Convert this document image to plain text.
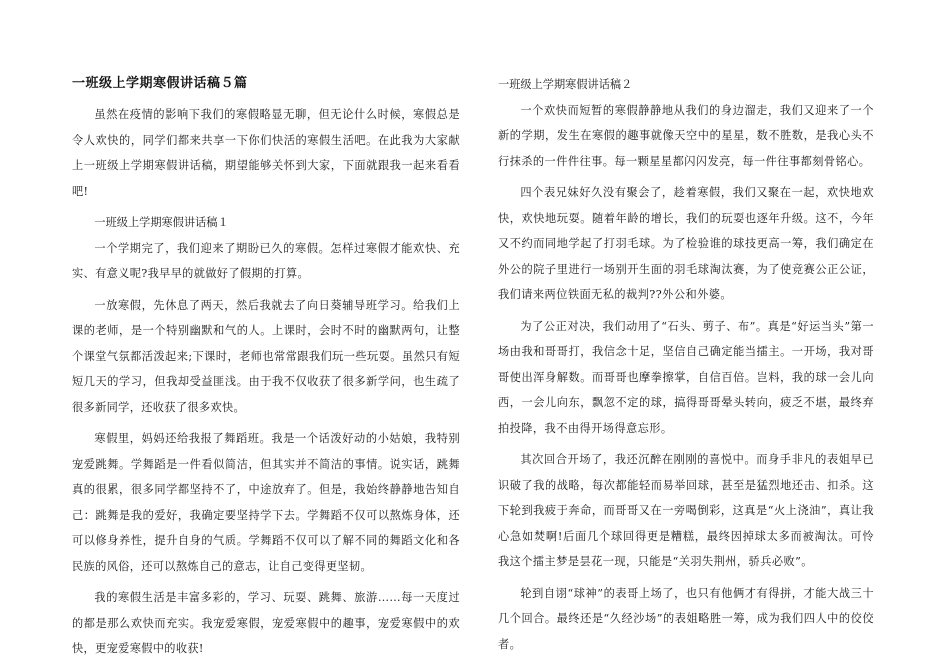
一班级上学期寒假讲话稿５篇

虽然在疫情的影响下我们的寒假略显无聊，但无论什么时候，寒假总是令人欢快的，同学们都来共享一下你们快活的寒假生活吧。在此我为大家献上一班级上学期寒假讲话稿，期望能够关怀到大家，下面就跟我一起来看看吧!

一班级上学期寒假讲话稿１

一个学期完了，我们迎来了期盼已久的寒假。怎样过寒假才能欢快、充实、有意义呢?我早早的就做好了假期的打算。

一放寒假，先休息了两天，然后我就去了向日葵辅导班学习。给我们上课的老师，是一个特别幽默和气的人。上课时，会时不时的幽默两句，让整个课堂气氛都活泼起来;下课时，老师也常常跟我们玩一些玩耍。虽然只有短短几天的学习，但我却受益匪浅。由于我不仅收获了很多新学问，也生疏了很多新同学，还收获了很多欢快。

寒假里，妈妈还给我报了舞蹈班。我是一个话泼好动的小姑娘，我特别宠爱跳舞。学舞蹈是一件看似简洁，但其实并不简洁的事情。说实话，跳舞真的很累，很多同学都坚持不了，中途放弃了。但是，我始终静静地告知自己：跳舞是我的爱好，我确定要坚持学下去。学舞蹈不仅可以熬炼身体，还可以修身养性，提升自身的气质。学舞蹈不仅可以了解不同的舞蹈文化和各民族的风俗，还可以熬炼自己的意志，让自己变得更坚韧。

我的寒假生活是丰富多彩的，学习、玩耍、跳舞、旅游……每一天度过的都是那么欢快而充实。我宠爱寒假，宠爱寒假中的趣事，宠爱寒假中的欢快，更宠爱寒假中的收获!

一班级上学期寒假讲话稿２

一个欢快而短暂的寒假静静地从我们的身边溜走，我们又迎来了一个新的学期，发生在寒假的趣事就像天空中的星星，数不胜数，是我心头不行抹杀的一件件往事。每一颗星星都闪闪发亮，每一件往事都刻骨铭心。

四个表兄妹好久没有聚会了，趁着寒假，我们又聚在一起，欢快地欢快，欢快地玩耍。随着年龄的增长，我们的玩耍也逐年升级。这不，今年又不约而同地学起了打羽毛球。为了检验谁的球技更高一筹，我们确定在外公的院子里进行一场别开生面的羽毛球淘汰赛，为了使竞赛公正公证，我们请来两位铁面无私的裁判??外公和外婆。

为了公正对决，我们动用了“石头、剪子、布”。真是“好运当头”第一场由我和哥哥打，我信念十足，坚信自己确定能当擂主。一开场，我对哥哥使出浑身解数。而哥哥也摩拳擦掌，自信百倍。岂料，我的球一会儿向西，一会儿向东，飘忽不定的球，搞得哥哥晕头转向，疲乏不堪，最终弃拍投降，我不由得开场得意忘形。

其次回合开场了，我还沉醉在刚刚的喜悦中。而身手非凡的表姐早已识破了我的战略，每次都能轻而易举回球，甚至是猛烈地还击、扣杀。这下轮到我疲于奔命，而哥哥又在一旁喝倒彩，这真是“火上浇油”，真让我心急如焚啊!后面几个球回得更是糟糕，最终因掉球太多而被淘汰。可怜我这个擂主梦是昙花一现，只能是“关羽失荆州，骄兵必败”。

轮到自诩“球神”的表哥上场了，也只有他俩才有得拼，才能大战三十几个回合。最终还是“久经沙场”的表姐略胜一筹，成为我们四人中的佼佼者。
